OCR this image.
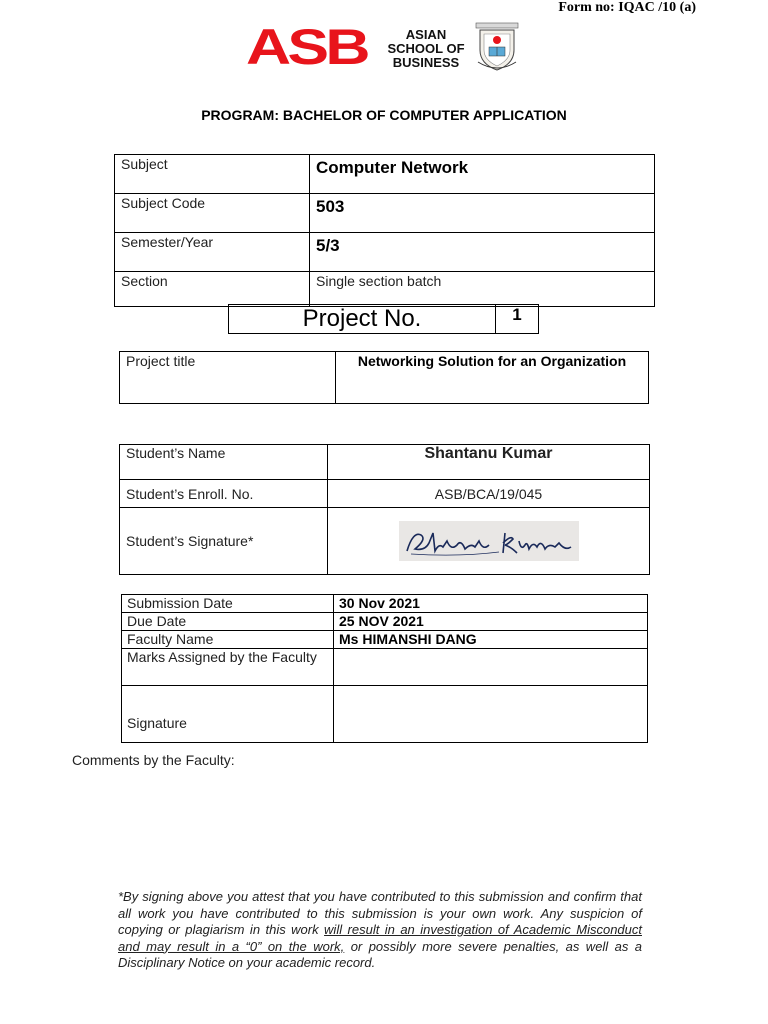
Form no: IQAC /10 (a)
ASB	ASIAN
SCHOOL OF
BUSINESS
PROGRAM: BACHELOR OF COMPUTER APPLICATION
Subject	Computer Network
Subject Code	503
Semester/Year	5/3
Section	Single section batch
Project No.	1
Project title	Networking Solution for an Organization
Student’s Name	Shantanu Kumar
Student’s Enroll. No.	ASB/BCA/19/045
Student’s Signature*	
Submission Date	30 Nov 2021
Due Date	25 NOV 2021
Faculty Name	Ms HIMANSHI DANG
Marks Assigned by the Faculty	
Signature	
Comments by the Faculty:
*By signing above you attest that you have contributed to this submission and confirm that all work you have contributed to this submission is your own work. Any suspicion of copying or plagiarism in this work will result in an investigation of Academic Misconduct and may result in a “0” on the work, or possibly more severe penalties, as well as a Disciplinary Notice on your academic record.
